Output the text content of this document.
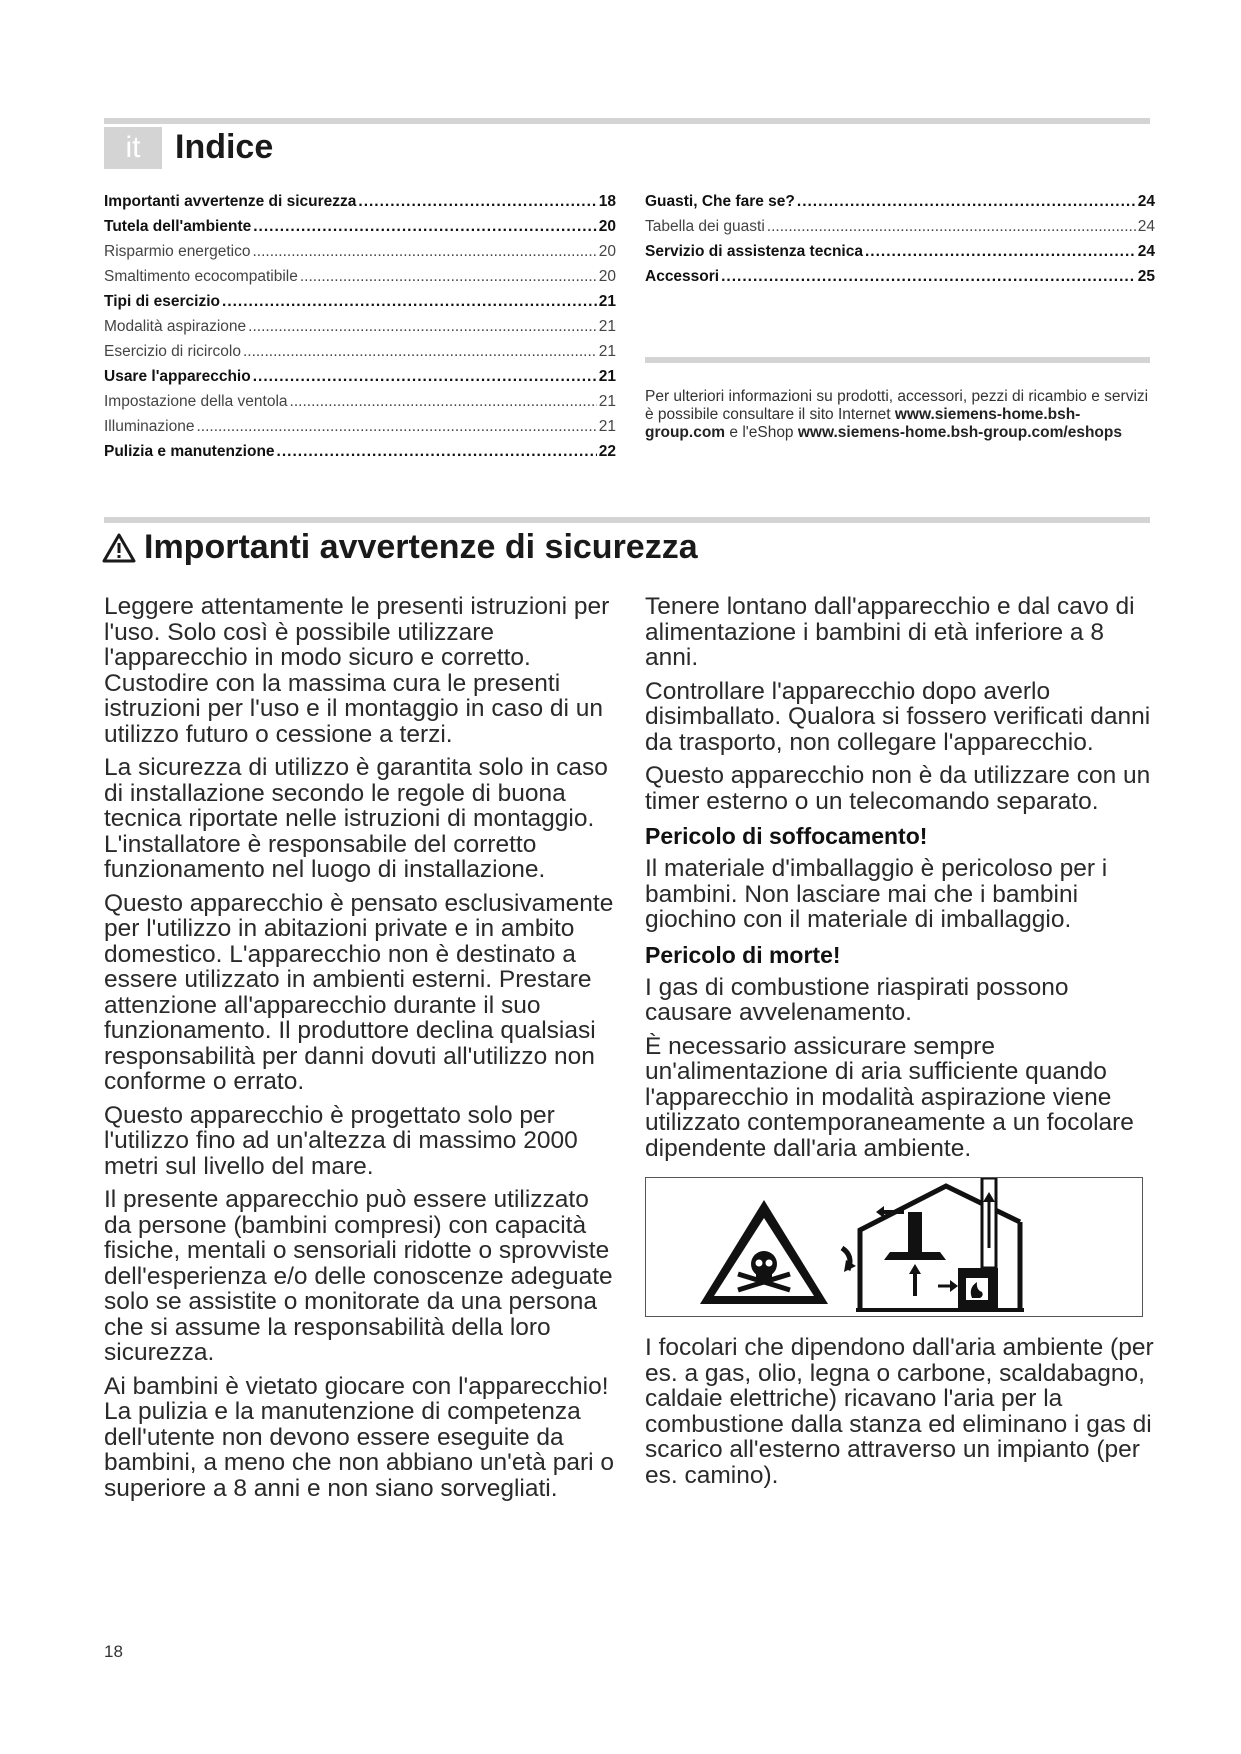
it	Indice
Importanti avvertenze di sicurezza .....	18
Tutela dell'ambiente .....	20
Risparmio energetico .....	20
Smaltimento ecocompatibile .....	20
Tipi di esercizio .....	21
Modalità aspirazione .....	21
Esercizio di ricircolo .....	21
Usare l'apparecchio .....	21
Impostazione della ventola .....	21
Illuminazione .....	21
Pulizia e manutenzione .....	22
Guasti, Che fare se? .....	24
Tabella dei guasti .....	24
Servizio di assistenza tecnica .....	24
Accessori .....	25
Per ulteriori informazioni su prodotti, accessori, pezzi di ricambio e servizi è possibile consultare il sito Internet www.siemens-home.bsh-group.com e l'eShop www.siemens-home.bsh-group.com/eshops
Importanti avvertenze di sicurezza

Leggere attentamente le presenti istruzioni per l'uso. Solo così è possibile utilizzare l'apparecchio in modo sicuro e corretto. Custodire con la massima cura le presenti istruzioni per l'uso e il montaggio in caso di un utilizzo futuro o cessione a terzi.

La sicurezza di utilizzo è garantita solo in caso di installazione secondo le regole di buona tecnica riportate nelle istruzioni di montaggio. L'installatore è responsabile del corretto funzionamento nel luogo di installazione.

Questo apparecchio è pensato esclusivamente per l'utilizzo in abitazioni private e in ambito domestico. L'apparecchio non è destinato a essere utilizzato in ambienti esterni. Prestare attenzione all'apparecchio durante il suo funzionamento. Il produttore declina qualsiasi responsabilità per danni dovuti all'utilizzo non conforme o errato.

Questo apparecchio è progettato solo per l'utilizzo fino ad un'altezza di massimo 2000 metri sul livello del mare.

Il presente apparecchio può essere utilizzato da persone (bambini compresi) con capacità fisiche, mentali o sensoriali ridotte o sprovviste dell'esperienza e/o delle conoscenze adeguate solo se assistite o monitorate da una persona che si assume la responsabilità della loro sicurezza.

Ai bambini è vietato giocare con l'apparecchio! La pulizia e la manutenzione di competenza dell'utente non devono essere eseguite da bambini, a meno che non abbiano un'età pari o superiore a 8 anni e non siano sorvegliati.

Tenere lontano dall'apparecchio e dal cavo di alimentazione i bambini di età inferiore a 8 anni.

Controllare l'apparecchio dopo averlo disimballato. Qualora si fossero verificati danni da trasporto, non collegare l'apparecchio.

Questo apparecchio non è da utilizzare con un timer esterno o un telecomando separato.

Pericolo di soffocamento!

Il materiale d'imballaggio è pericoloso per i bambini. Non lasciare mai che i bambini giochino con il materiale di imballaggio.

Pericolo di morte!

I gas di combustione riaspirati possono causare avvelenamento.

È necessario assicurare sempre un'alimentazione di aria sufficiente quando l'apparecchio in modalità aspirazione viene utilizzato contemporaneamente a un focolare dipendente dall'aria ambiente.

I focolari che dipendono dall'aria ambiente (per es. a gas, olio, legna o carbone, scaldabagno, caldaie elettriche) ricavano l'aria per la combustione dalla stanza ed eliminano i gas di scarico all'esterno attraverso un impianto (per es. camino).

18
